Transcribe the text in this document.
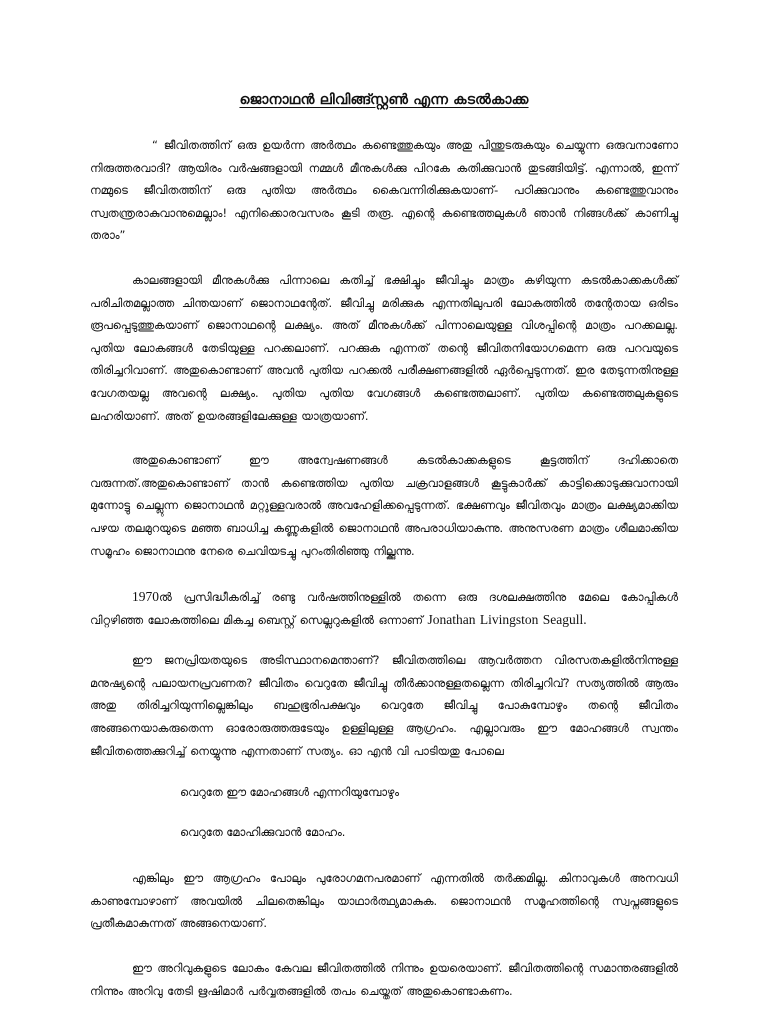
ജൊനാഥൻ ലിവിങ്ങ്സ്റ്റൺ എന്ന കടൽകാക്ക

“ ജീവിതത്തിന് ഒരു ഉയർന്ന അർത്ഥം കണ്ടെത്തുകയും അതു പിന്തുടരുകയും ചെയ്യുന്ന ഒരുവനാണോ നിരുത്തരവാദി? ആയിരം വർഷങ്ങളായി നമ്മൾ മീനുകൾക്കു പിറകേ കതിക്കുവാൻ തുടങ്ങിയിട്ട്. എന്നാൽ, ഇന്ന് നമ്മുടെ ജീവിതത്തിന് ഒരു പുതിയ അർത്ഥം കൈവന്നിരിക്കുകയാണ്- പഠിക്കുവാനും കണ്ടെത്തുവാനും സ്വതന്ത്രരാകുവാനുമെല്ലാം! എനിക്കൊരവസരം കൂടി തരൂ. എന്റെ കണ്ടെത്തലുകൾ ഞാൻ നിങ്ങൾക്ക് കാണിച്ചു തരാം”

കാലങ്ങളായി മീനുകൾക്കു പിന്നാലെ കതിച്ച് ഭക്ഷിച്ചും ജീവിച്ചും മാത്രം കഴിയുന്ന കടൽകാക്കകൾക്ക് പരിചിതമല്ലാത്ത ചിന്തയാണ് ജൊനാഥന്റേത്. ജീവിച്ചു മരിക്കുക എന്നതിലുപരി ലോകത്തിൽ തന്റേതായ ഒരിടം രൂപപ്പെടുത്തുകയാണ് ജൊനാഥന്റെ ലക്ഷ്യം. അത് മീനുകൾക്ക് പിന്നാലെയുള്ള വിശപ്പിന്റെ മാത്രം പറക്കലല്ല. പുതിയ ലോകങ്ങൾ തേടിയുള്ള പറക്കലാണ്. പറക്കുക എന്നത് തന്റെ ജീവിതനിയോഗമെന്ന ഒരു പറവയുടെ തിരിച്ചറിവാണ്. അതുകൊണ്ടാണ് അവൻ പുതിയ പറക്കൽ പരീക്ഷണങ്ങളിൽ ഏർപ്പെടുന്നത്. ഇര തേടുന്നതിനുള്ള വേഗതയല്ല അവന്റെ ലക്ഷ്യം. പുതിയ പുതിയ വേഗങ്ങൾ കണ്ടെത്തലാണ്. പുതിയ കണ്ടെത്തലുകളുടെ ലഹരിയാണ്. അത് ഉയരങ്ങളിലേക്കുള്ള യാത്രയാണ്.

അതുകൊണ്ടാണ് ഈ അന്വേഷണങ്ങൾ കടൽകാക്കകളുടെ കൂട്ടത്തിന് ദഹിക്കാതെ വരുന്നത്.അതുകൊണ്ടാണ് താൻ കണ്ടെത്തിയ പുതിയ ചക്രവാളങ്ങൾ കൂട്ടുകാർക്ക് കാട്ടിക്കൊടുക്കുവാനായി മുന്നോട്ടു ചെല്ലുന്ന ജൊനാഥൻ മറ്റുള്ളവരാൽ അവഹേളിക്കപ്പെടുന്നത്. ഭക്ഷണവും ജീവിതവും മാത്രം ലക്ഷ്യമാക്കിയ പഴയ തലമുറയുടെ മഞ്ഞ ബാധിച്ച കണ്ണുകളിൽ ജൊനാഥൻ അപരാധിയാകുന്നു. അനുസരണ മാത്രം ശീലമാക്കിയ സമൂഹം ജൊനാഥനു നേരെ ചെവിയടച്ചു പുറംതിരിഞ്ഞു നില്ക്കുന്നു.

1970ൽ പ്രസിദ്ധീകരിച്ച് രണ്ടു വർഷത്തിനുള്ളിൽ തന്നെ ഒരു ദശലക്ഷത്തിനു മേലെ കോപ്പികൾ വിറ്റഴിഞ്ഞ ലോകത്തിലെ മികച്ച ബെസ്റ്റ് സെല്ലറുകളിൽ ഒന്നാണ് Jonathan Livingston Seagull.

ഈ ജനപ്രിയതയുടെ അടിസ്ഥാനമെന്താണ്? ജീവിതത്തിലെ ആവർത്തന വിരസതകളിൽനിന്നുള്ള മനുഷ്യന്റെ പലായനപ്രവണത? ജീവിതം വെറുതേ ജീവിച്ചു തീർക്കാനുള്ളതല്ലെന്ന തിരിച്ചറിവ്? സത്യത്തിൽ ആരും അതു തിരിച്ചറിയുന്നില്ലെങ്കിലും ബഹുഭൂരിപക്ഷവും വെറുതേ ജീവിച്ചു പോകുമ്പോഴും തന്റെ ജീവിതം അങ്ങനെയാകരുതെന്ന ഓരോരുത്തരുടേയും ഉള്ളിലുള്ള ആഗ്രഹം. എല്ലാവരും ഈ മോഹങ്ങൾ സ്വന്തം ജീവിതത്തെക്കുറിച്ച് നെയ്യുന്നു എന്നതാണ് സത്യം. ഓ എൻ വി പാടിയതു പോലെ

വെറുതേ ഈ മോഹങ്ങൾ എന്നറിയുമ്പോഴും
വെറുതേ മോഹിക്കുവാൻ മോഹം.

എങ്കിലും ഈ ആഗ്രഹം പോലും പുരോഗമനപരമാണ് എന്നതിൽ തർക്കമില്ല. കിനാവുകൾ അനവധി കാണുമ്പോഴാണ് അവയിൽ ചിലതെങ്കിലും യാഥാർത്ഥ്യമാകുക. ജൊനാഥൻ സമൂഹത്തിന്റെ സ്വപ്നങ്ങളുടെ പ്രതീകമാകുന്നത് അങ്ങനെയാണ്.

ഈ അറിവുകളുടെ ലോകം കേവല ജീവിതത്തിൽ നിന്നും ഉയരെയാണ്. ജീവിതത്തിന്റെ സമാന്തരങ്ങളിൽ നിന്നും അറിവു തേടി ഋഷിമാർ പർവ്വതങ്ങളിൽ തപം ചെയ്തത് അതുകൊണ്ടാകണം.
